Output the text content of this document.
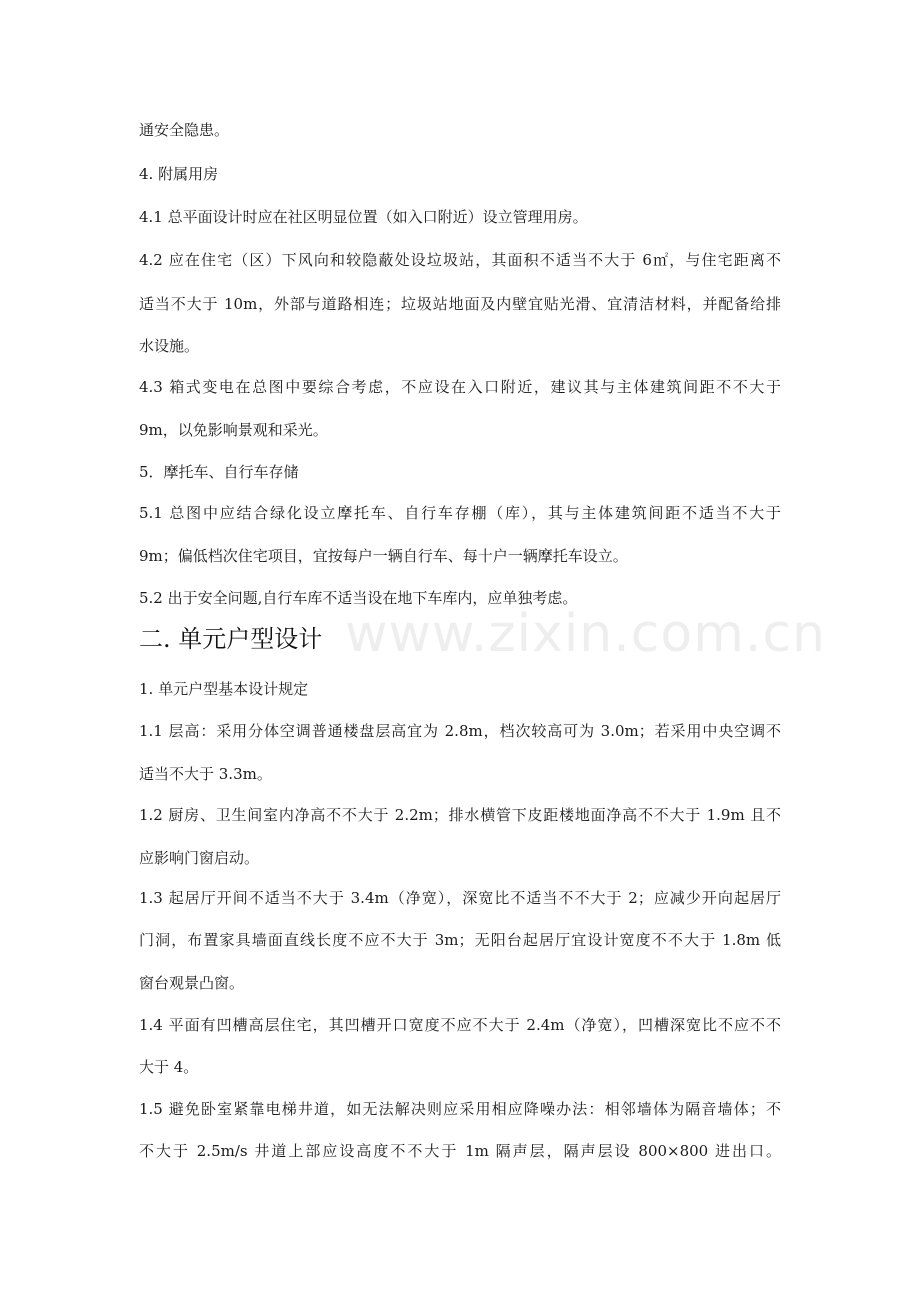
www.zixin.com.cn
通安全隐患。
4. 附属用房
4.1 总平面设计时应在社区明显位置（如入口附近）设立管理用房。
4.2 应在住宅（区）下风向和较隐蔽处设垃圾站，其面积不适当不大于 6㎡，与住宅距离不
适当不大于 10m，外部与道路相连；垃圾站地面及内壁宜贴光滑、宜清洁材料，并配备给排
水设施。
4.3 箱式变电在总图中要综合考虑，不应设在入口附近，建议其与主体建筑间距不不大于
9m，以免影响景观和采光。
5．摩托车、自行车存储
5.1 总图中应结合绿化设立摩托车、自行车存棚（库），其与主体建筑间距不适当不大于
9m；偏低档次住宅项目，宜按每户一辆自行车、每十户一辆摩托车设立。
5.2 出于安全问题,自行车库不适当设在地下车库内，应单独考虑。
二. 单元户型设计
1. 单元户型基本设计规定
1.1 层高：采用分体空调普通楼盘层高宜为 2.8m，档次较高可为 3.0m；若采用中央空调不
适当不大于 3.3m。
1.2 厨房、卫生间室内净高不不大于 2.2m；排水横管下皮距楼地面净高不不大于 1.9m 且不
应影响门窗启动。
1.3 起居厅开间不适当不大于 3.4m（净宽），深宽比不适当不不大于 2；应减少开向起居厅
门洞，布置家具墙面直线长度不应不大于 3m；无阳台起居厅宜设计宽度不不大于 1.8m 低
窗台观景凸窗。
1.4 平面有凹槽高层住宅，其凹槽开口宽度不应不大于 2.4m（净宽），凹槽深宽比不应不不
大于 4。
1.5 避免卧室紧靠电梯井道，如无法解决则应采用相应降噪办法：相邻墙体为隔音墙体；不
不大于 2.5m/s 井道上部应设高度不不大于 1m 隔声层，隔声层设 800×800 进出口。
